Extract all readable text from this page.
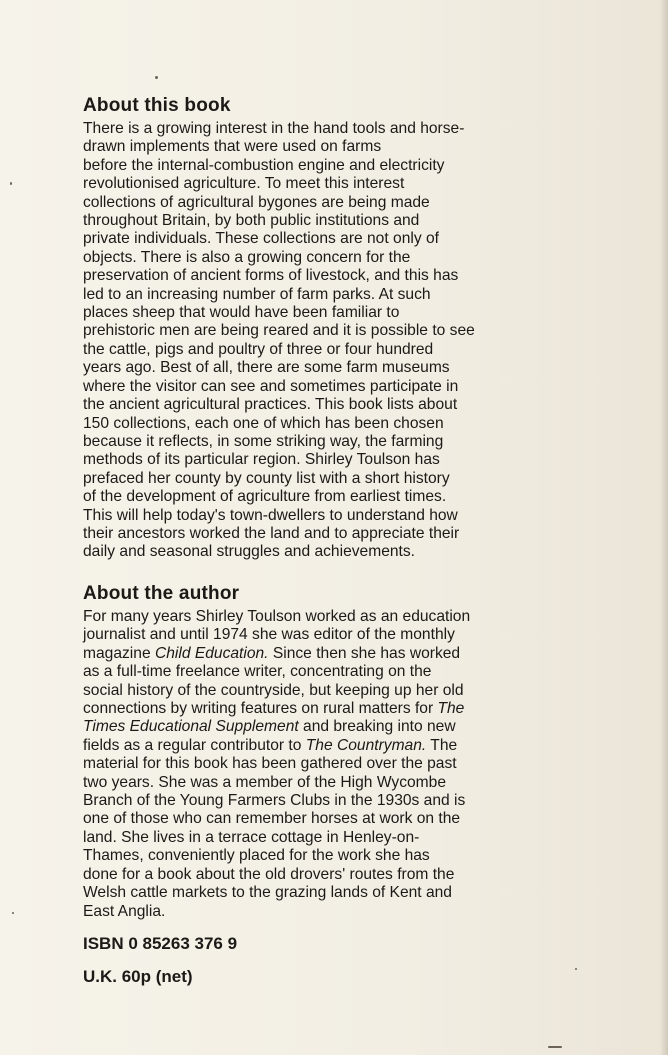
About this book
There is a growing interest in the hand tools and horse-
drawn implements that were used on farms
before the internal-combustion engine and electricity
revolutionised agriculture. To meet this interest
collections of agricultural bygones are being made
throughout Britain, by both public institutions and
private individuals. These collections are not only of
objects. There is also a growing concern for the
preservation of ancient forms of livestock, and this has
led to an increasing number of farm parks. At such
places sheep that would have been familiar to
prehistoric men are being reared and it is possible to see
the cattle, pigs and poultry of three or four hundred
years ago. Best of all, there are some farm museums
where the visitor can see and sometimes participate in
the ancient agricultural practices. This book lists about
150 collections, each one of which has been chosen
because it reflects, in some striking way, the farming
methods of its particular region. Shirley Toulson has
prefaced her county by county list with a short history
of the development of agriculture from earliest times.
This will help today's town-dwellers to understand how
their ancestors worked the land and to appreciate their
daily and seasonal struggles and achievements.
About the author
For many years Shirley Toulson worked as an education
journalist and until 1974 she was editor of the monthly
magazine Child Education. Since then she has worked
as a full-time freelance writer, concentrating on the
social history of the countryside, but keeping up her old
connections by writing features on rural matters for The
Times Educational Supplement and breaking into new
fields as a regular contributor to The Countryman. The
material for this book has been gathered over the past
two years. She was a member of the High Wycombe
Branch of the Young Farmers Clubs in the 1930s and is
one of those who can remember horses at work on the
land. She lives in a terrace cottage in Henley-on-
Thames, conveniently placed for the work she has
done for a book about the old drovers' routes from the
Welsh cattle markets to the grazing lands of Kent and
East Anglia.
ISBN 0 85263 376 9
U.K. 60p (net)
